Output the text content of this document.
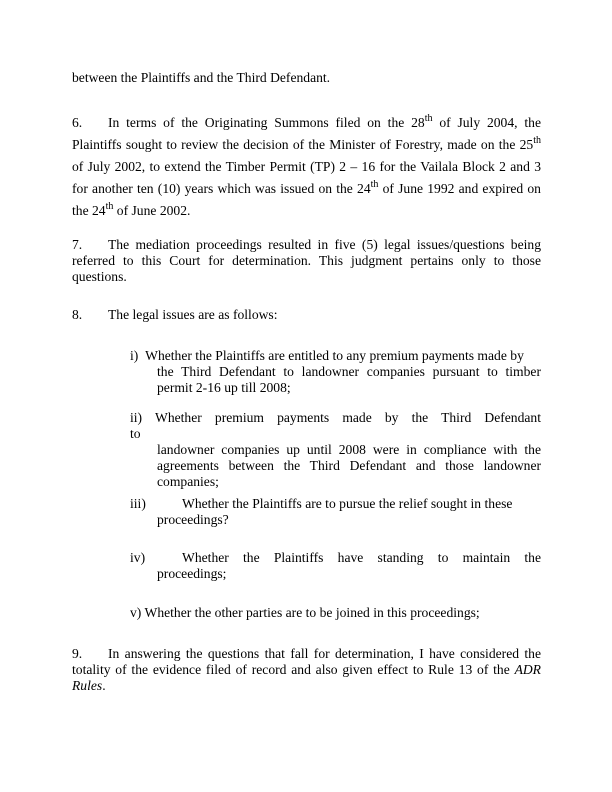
between the Plaintiffs and the Third Defendant.
6. In terms of the Originating Summons filed on the 28th of July 2004, the Plaintiffs sought to review the decision of the Minister of Forestry, made on the 25th of July 2002, to extend the Timber Permit (TP) 2 – 16 for the Vailala Block 2 and 3 for another ten (10) years which was issued on the 24th of June 1992 and expired on the 24th of June 2002.
7. The mediation proceedings resulted in five (5) legal issues/questions being referred to this Court for determination. This judgment pertains only to those questions.
8. The legal issues are as follows:
i) Whether the Plaintiffs are entitled to any premium payments made by
the Third Defendant to landowner companies pursuant to timber permit 2-16 up till 2008;
ii) Whether premium payments made by the Third Defendant to
landowner companies up until 2008 were in compliance with the agreements between the Third Defendant and those landowner companies;
iii)	Whether the Plaintiffs are to pursue the relief sought in these
proceedings?
iv)	Whether the Plaintiffs have standing to maintain the
proceedings;
v) Whether the other parties are to be joined in this proceedings;
9. In answering the questions that fall for determination, I have considered the totality of the evidence filed of record and also given effect to Rule 13 of the ADR Rules.
